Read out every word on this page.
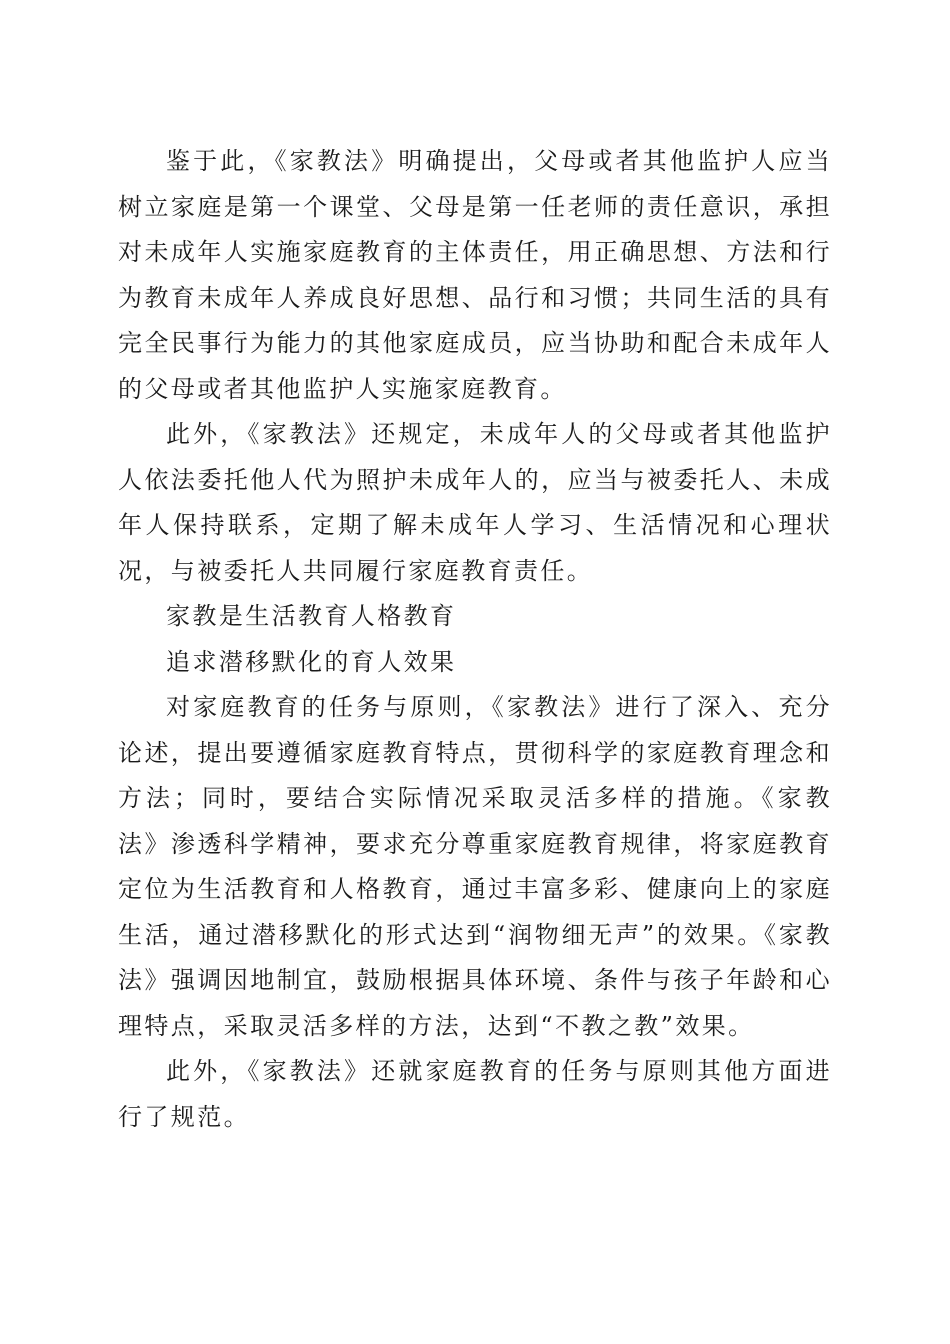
鉴于此，《家教法》明确提出，父母或者其他监护人应当树立家庭是第一个课堂、父母是第一任老师的责任意识，承担对未成年人实施家庭教育的主体责任，用正确思想、方法和行为教育未成年人养成良好思想、品行和习惯；共同生活的具有完全民事行为能力的其他家庭成员，应当协助和配合未成年人的父母或者其他监护人实施家庭教育。

此外，《家教法》还规定，未成年人的父母或者其他监护人依法委托他人代为照护未成年人的，应当与被委托人、未成年人保持联系，定期了解未成年人学习、生活情况和心理状况，与被委托人共同履行家庭教育责任。

家教是生活教育人格教育

追求潜移默化的育人效果

对家庭教育的任务与原则，《家教法》进行了深入、充分论述，提出要遵循家庭教育特点，贯彻科学的家庭教育理念和方法；同时，要结合实际情况采取灵活多样的措施。《家教法》渗透科学精神，要求充分尊重家庭教育规律，将家庭教育定位为生活教育和人格教育，通过丰富多彩、健康向上的家庭生活，通过潜移默化的形式达到“润物细无声”的效果。《家教法》强调因地制宜，鼓励根据具体环境、条件与孩子年龄和心理特点，采取灵活多样的方法，达到“不教之教”效果。

此外，《家教法》还就家庭教育的任务与原则其他方面进行了规范。
